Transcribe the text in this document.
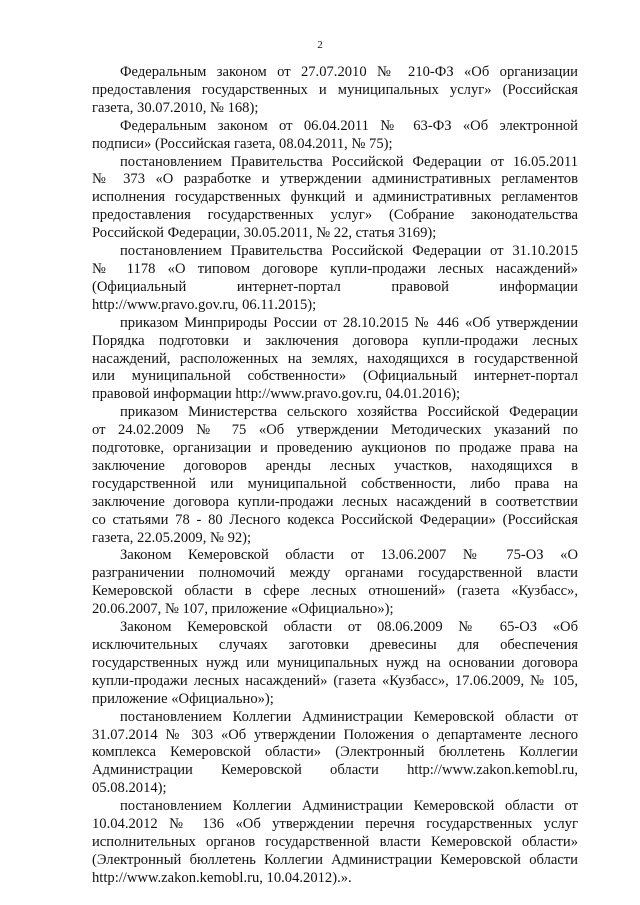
2
Федеральным законом от 27.07.2010 № 210-ФЗ «Об организации
предоставления государственных и муниципальных услуг» (Российская
газета, 30.07.2010, № 168);
Федеральным законом от 06.04.2011 № 63-ФЗ «Об электронной
подписи» (Российская газета, 08.04.2011, № 75);
постановлением Правительства Российской Федерации от 16.05.2011
№ 373 «О разработке и утверждении административных регламентов
исполнения государственных функций и административных регламентов
предоставления государственных услуг» (Собрание законодательства
Российской Федерации, 30.05.2011, № 22, статья 3169);
постановлением Правительства Российской Федерации от 31.10.2015
№ 1178 «О типовом договоре купли-продажи лесных насаждений»
(Официальный интернет-портал правовой информации
http://www.pravo.gov.ru, 06.11.2015);
приказом Минприроды России от 28.10.2015 № 446 «Об утверждении
Порядка подготовки и заключения договора купли-продажи лесных
насаждений, расположенных на землях, находящихся в государственной
или муниципальной собственности» (Официальный интернет-портал
правовой информации http://www.pravo.gov.ru, 04.01.2016);
приказом Министерства сельского хозяйства Российской Федерации
от 24.02.2009 № 75 «Об утверждении Методических указаний по
подготовке, организации и проведению аукционов по продаже права на
заключение договоров аренды лесных участков, находящихся в
государственной или муниципальной собственности, либо права на
заключение договора купли-продажи лесных насаждений в соответствии
со статьями 78 - 80 Лесного кодекса Российской Федерации» (Российская
газета, 22.05.2009, № 92);
Законом Кемеровской области от 13.06.2007 № 75-ОЗ «О
разграничении полномочий между органами государственной власти
Кемеровской области в сфере лесных отношений» (газета «Кузбасс»,
20.06.2007, № 107, приложение «Официально»);
Законом Кемеровской области от 08.06.2009 № 65-ОЗ «Об
исключительных случаях заготовки древесины для обеспечения
государственных нужд или муниципальных нужд на основании договора
купли-продажи лесных насаждений» (газета «Кузбасс», 17.06.2009, № 105,
приложение «Официально»);
постановлением Коллегии Администрации Кемеровской области от
31.07.2014 № 303 «Об утверждении Положения о департаменте лесного
комплекса Кемеровской области» (Электронный бюллетень Коллегии
Администрации Кемеровской области http://www.zakon.kemobl.ru,
05.08.2014);
постановлением Коллегии Администрации Кемеровской области от
10.04.2012 № 136 «Об утверждении перечня государственных услуг
исполнительных органов государственной власти Кемеровской области»
(Электронный бюллетень Коллегии Администрации Кемеровской области
http://www.zakon.kemobl.ru, 10.04.2012).».
